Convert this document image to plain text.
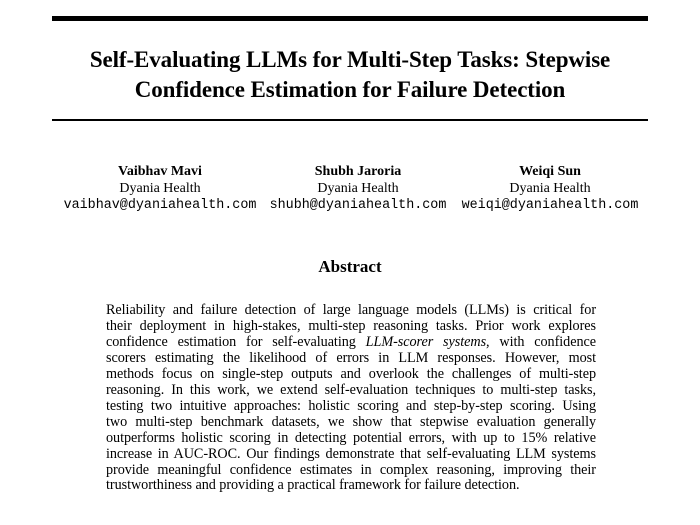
Self-Evaluating LLMs for Multi-Step Tasks: Stepwise
Confidence Estimation for Failure Detection
Vaibhav Mavi
Dyania Health
vaibhav@dyaniahealth.com
Shubh Jaroria
Dyania Health
shubh@dyaniahealth.com
Weiqi Sun
Dyania Health
weiqi@dyaniahealth.com
Abstract
Reliability and failure detection of large language models (LLMs) is critical for
their deployment in high-stakes, multi-step reasoning tasks. Prior work explores
confidence estimation for self-evaluating LLM-scorer systems, with confidence
scorers estimating the likelihood of errors in LLM responses. However, most
methods focus on single-step outputs and overlook the challenges of multi-step
reasoning. In this work, we extend self-evaluation techniques to multi-step tasks,
testing two intuitive approaches: holistic scoring and step-by-step scoring. Using
two multi-step benchmark datasets, we show that stepwise evaluation generally
outperforms holistic scoring in detecting potential errors, with up to 15% relative
increase in AUC-ROC. Our findings demonstrate that self-evaluating LLM systems
provide meaningful confidence estimates in complex reasoning, improving their
trustworthiness and providing a practical framework for failure detection.
